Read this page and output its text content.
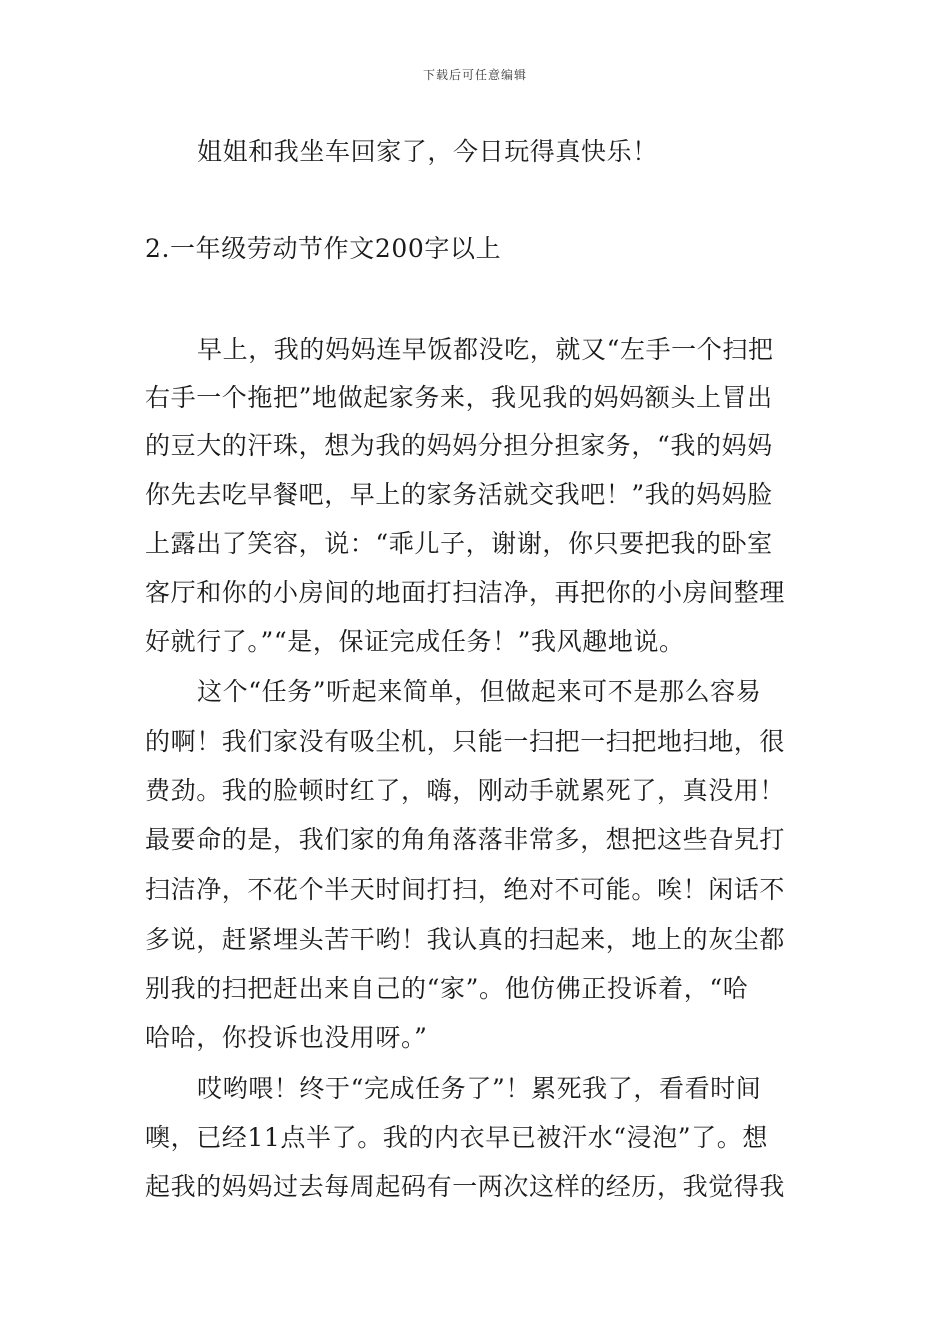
下载后可任意编辑
姐姐和我坐车回家了，今日玩得真快乐！
2.一年级劳动节作文200字以上
早上，我的妈妈连早饭都没吃，就又“左手一个扫把
右手一个拖把”地做起家务来，我见我的妈妈额头上冒出
的豆大的汗珠，想为我的妈妈分担分担家务，“我的妈妈
你先去吃早餐吧，早上的家务活就交我吧！”我的妈妈脸
上露出了笑容，说：“乖儿子，谢谢，你只要把我的卧室
客厅和你的小房间的地面打扫洁净，再把你的小房间整理
好就行了。”“是，保证完成任务！”我风趣地说。
这个“任务”听起来简单，但做起来可不是那么容易
的啊！我们家没有吸尘机，只能一扫把一扫把地扫地，很
费劲。我的脸顿时红了，嗨，刚动手就累死了，真没用！
最要命的是，我们家的角角落落非常多，想把这些旮旯打
扫洁净，不花个半天时间打扫，绝对不可能。唉！闲话不
多说，赶紧埋头苦干哟！我认真的扫起来，地上的灰尘都
别我的扫把赶出来自己的“家”。他仿佛正投诉着，“哈
哈哈，你投诉也没用呀。”
哎哟喂！终于“完成任务了”！累死我了，看看时间
噢，已经11点半了。我的内衣早已被汗水“浸泡”了。想
起我的妈妈过去每周起码有一两次这样的经历，我觉得我
